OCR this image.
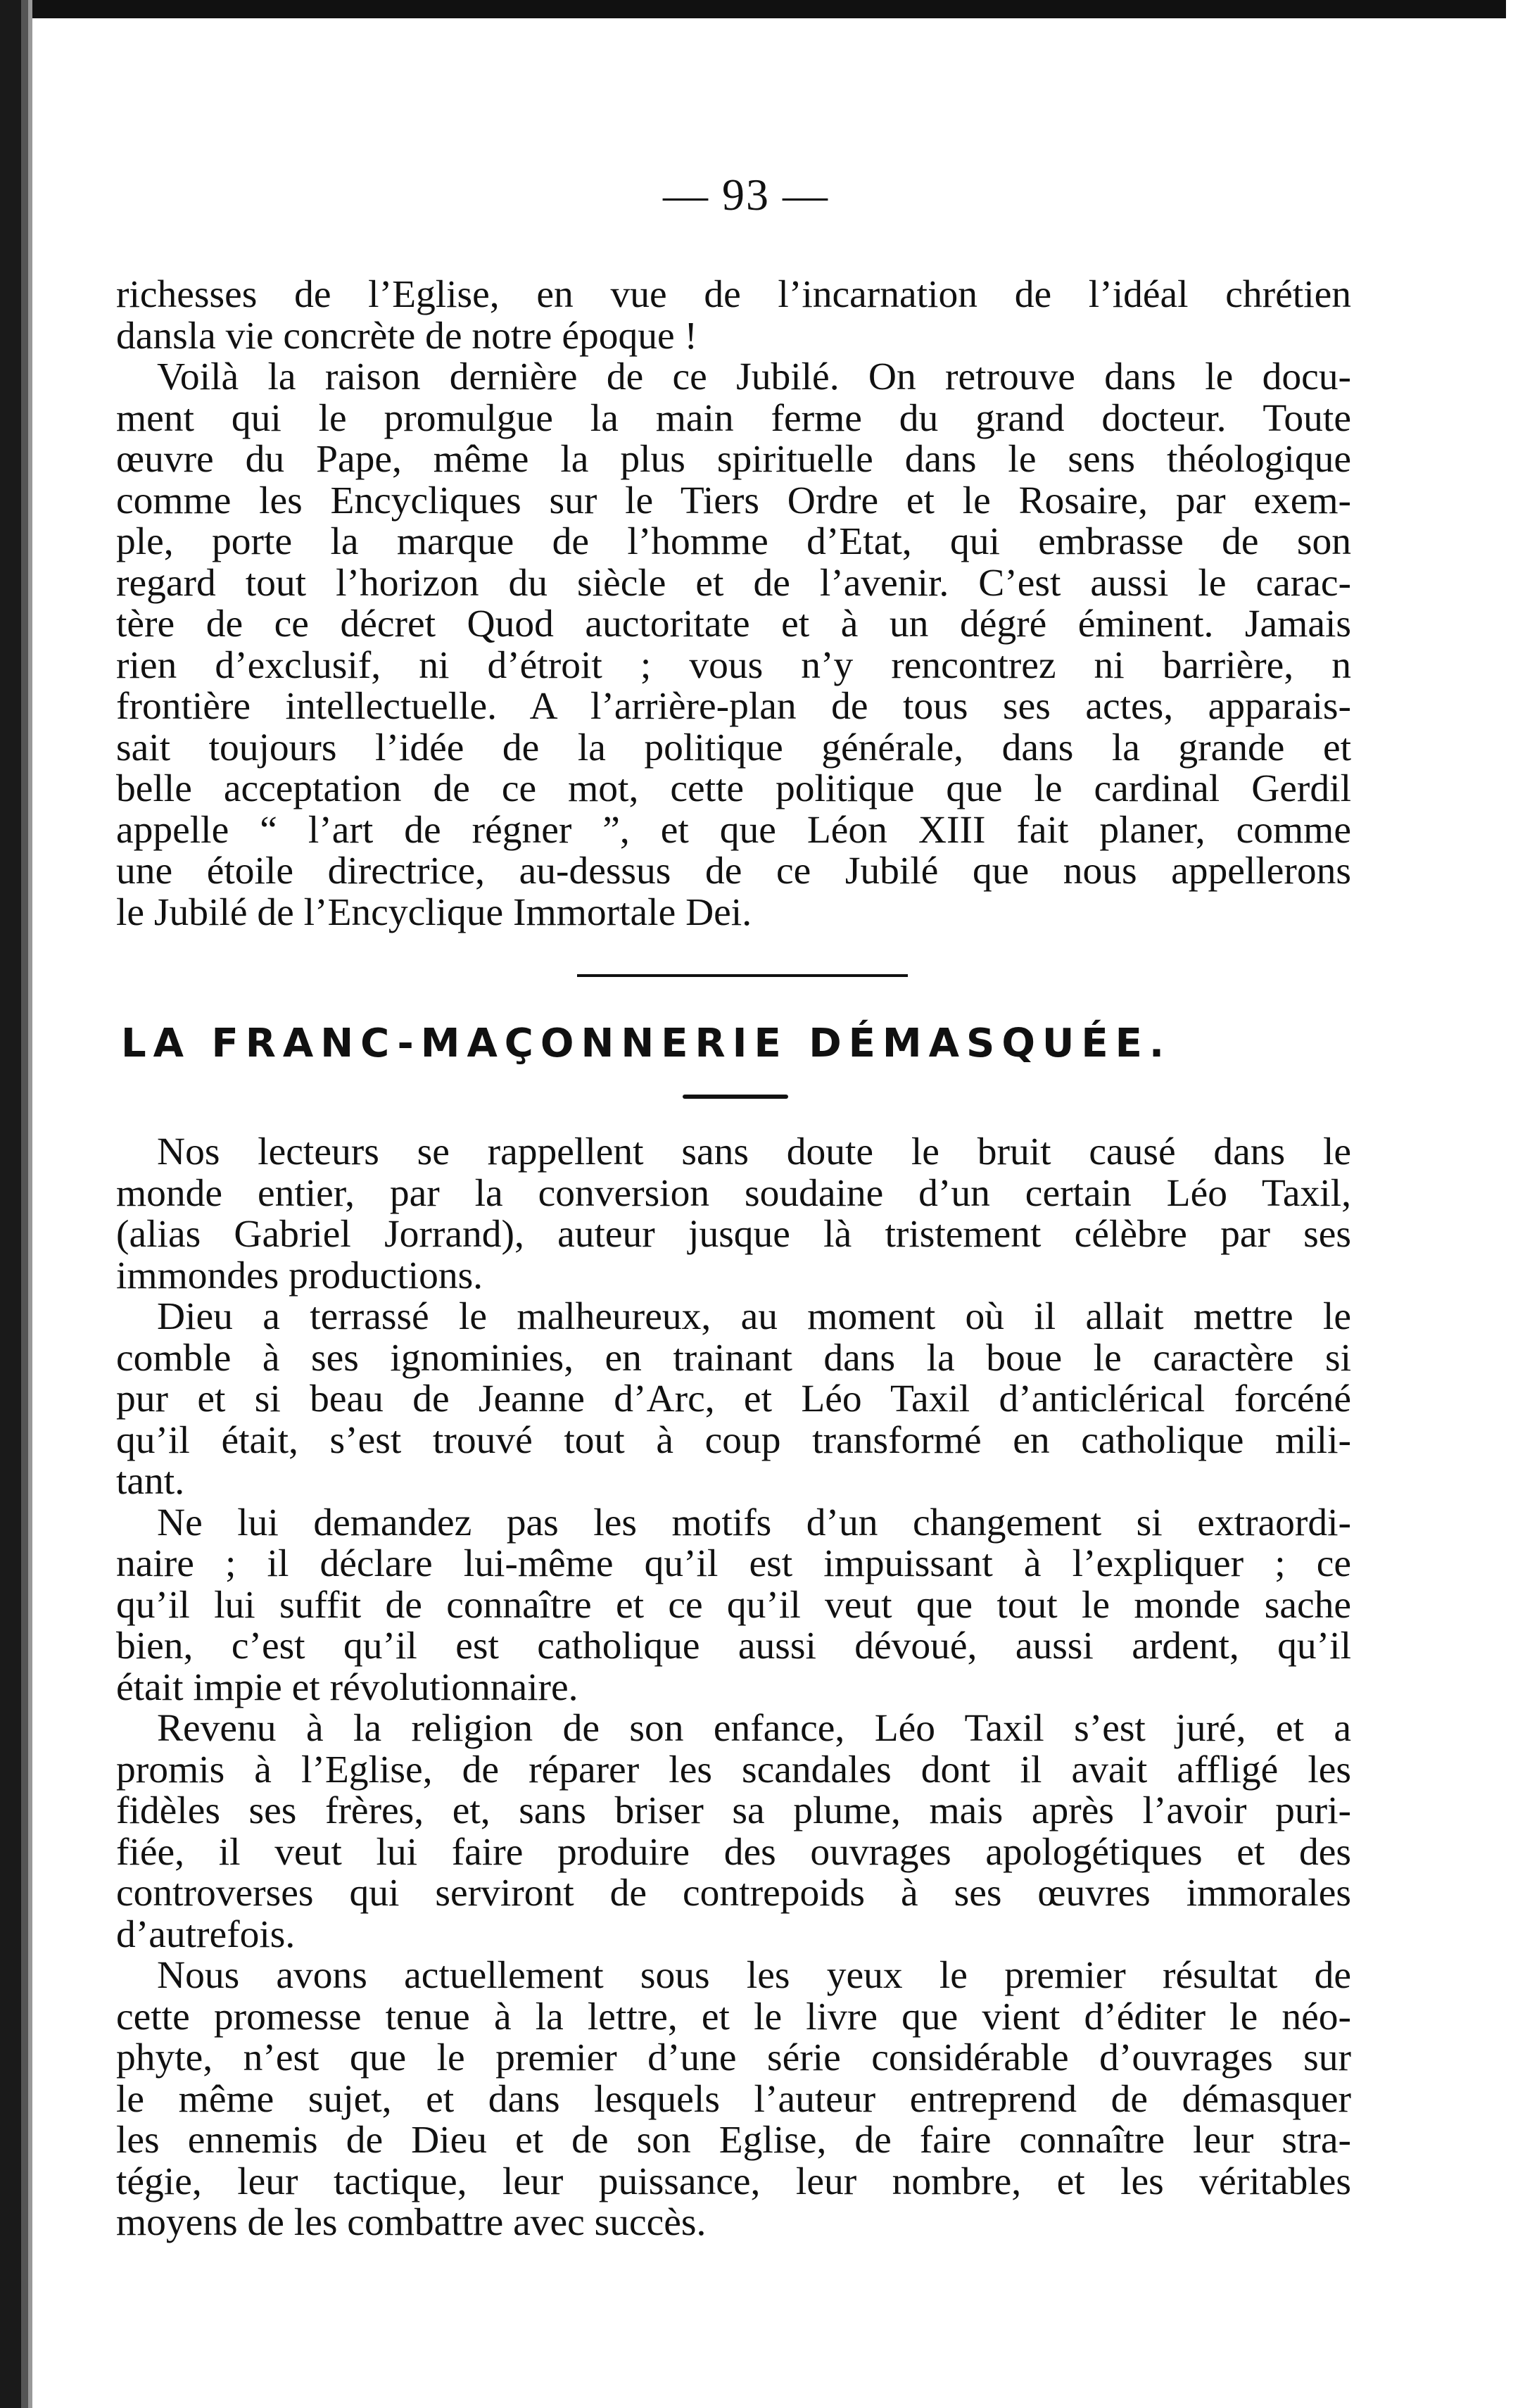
— 93 —
richesses de l’Eglise, en vue de l’incarnation de l’idéal chrétien
dansla vie concrète de notre époque !
Voilà la raison dernière de ce Jubilé. On retrouve dans le docu-
ment qui le promulgue la main ferme du grand docteur. Toute
œuvre du Pape, même la plus spirituelle dans le sens théologique
comme les Encycliques sur le Tiers Ordre et le Rosaire, par exem-
ple, porte la marque de l’homme d’Etat, qui embrasse de son
regard tout l’horizon du siècle et de l’avenir. C’est aussi le carac-
tère de ce décret Quod auctoritate et à un dégré éminent. Jamais
rien d’exclusif, ni d’étroit ; vous n’y rencontrez ni barrière, n
frontière intellectuelle. A l’arrière-plan de tous ses actes, apparais-
sait toujours l’idée de la politique générale, dans la grande et
belle acceptation de ce mot, cette politique que le cardinal Gerdil
appelle “ l’art de régner ”, et que Léon XIII fait planer, comme
une étoile directrice, au-dessus de ce Jubilé que nous appellerons
le Jubilé de l’Encyclique Immortale Dei.
LA FRANC-MAÇONNERIE DÉMASQUÉE.
Nos lecteurs se rappellent sans doute le bruit causé dans le
monde entier, par la conversion soudaine d’un certain Léo Taxil,
(alias Gabriel Jorrand), auteur jusque là tristement célèbre par ses
immondes productions.
Dieu a terrassé le malheureux, au moment où il allait mettre le
comble à ses ignominies, en trainant dans la boue le caractère si
pur et si beau de Jeanne d’Arc, et Léo Taxil d’anticlérical forcéné
qu’il était, s’est trouvé tout à coup transformé en catholique mili-
tant.
Ne lui demandez pas les motifs d’un changement si extraordi-
naire ; il déclare lui-même qu’il est impuissant à l’expliquer ; ce
qu’il lui suffit de connaître et ce qu’il veut que tout le monde sache
bien, c’est qu’il est catholique aussi dévoué, aussi ardent, qu’il
était impie et révolutionnaire.
Revenu à la religion de son enfance, Léo Taxil s’est juré, et a
promis à l’Eglise, de réparer les scandales dont il avait affligé les
fidèles ses frères, et, sans briser sa plume, mais après l’avoir puri-
fiée, il veut lui faire produire des ouvrages apologétiques et des
controverses qui serviront de contrepoids à ses œuvres immorales
d’autrefois.
Nous avons actuellement sous les yeux le premier résultat de
cette promesse tenue à la lettre, et le livre que vient d’éditer le néo-
phyte, n’est que le premier d’une série considérable d’ouvrages sur
le même sujet, et dans lesquels l’auteur entreprend de démasquer
les ennemis de Dieu et de son Eglise, de faire connaître leur stra-
tégie, leur tactique, leur puissance, leur nombre, et les véritables
moyens de les combattre avec succès.
